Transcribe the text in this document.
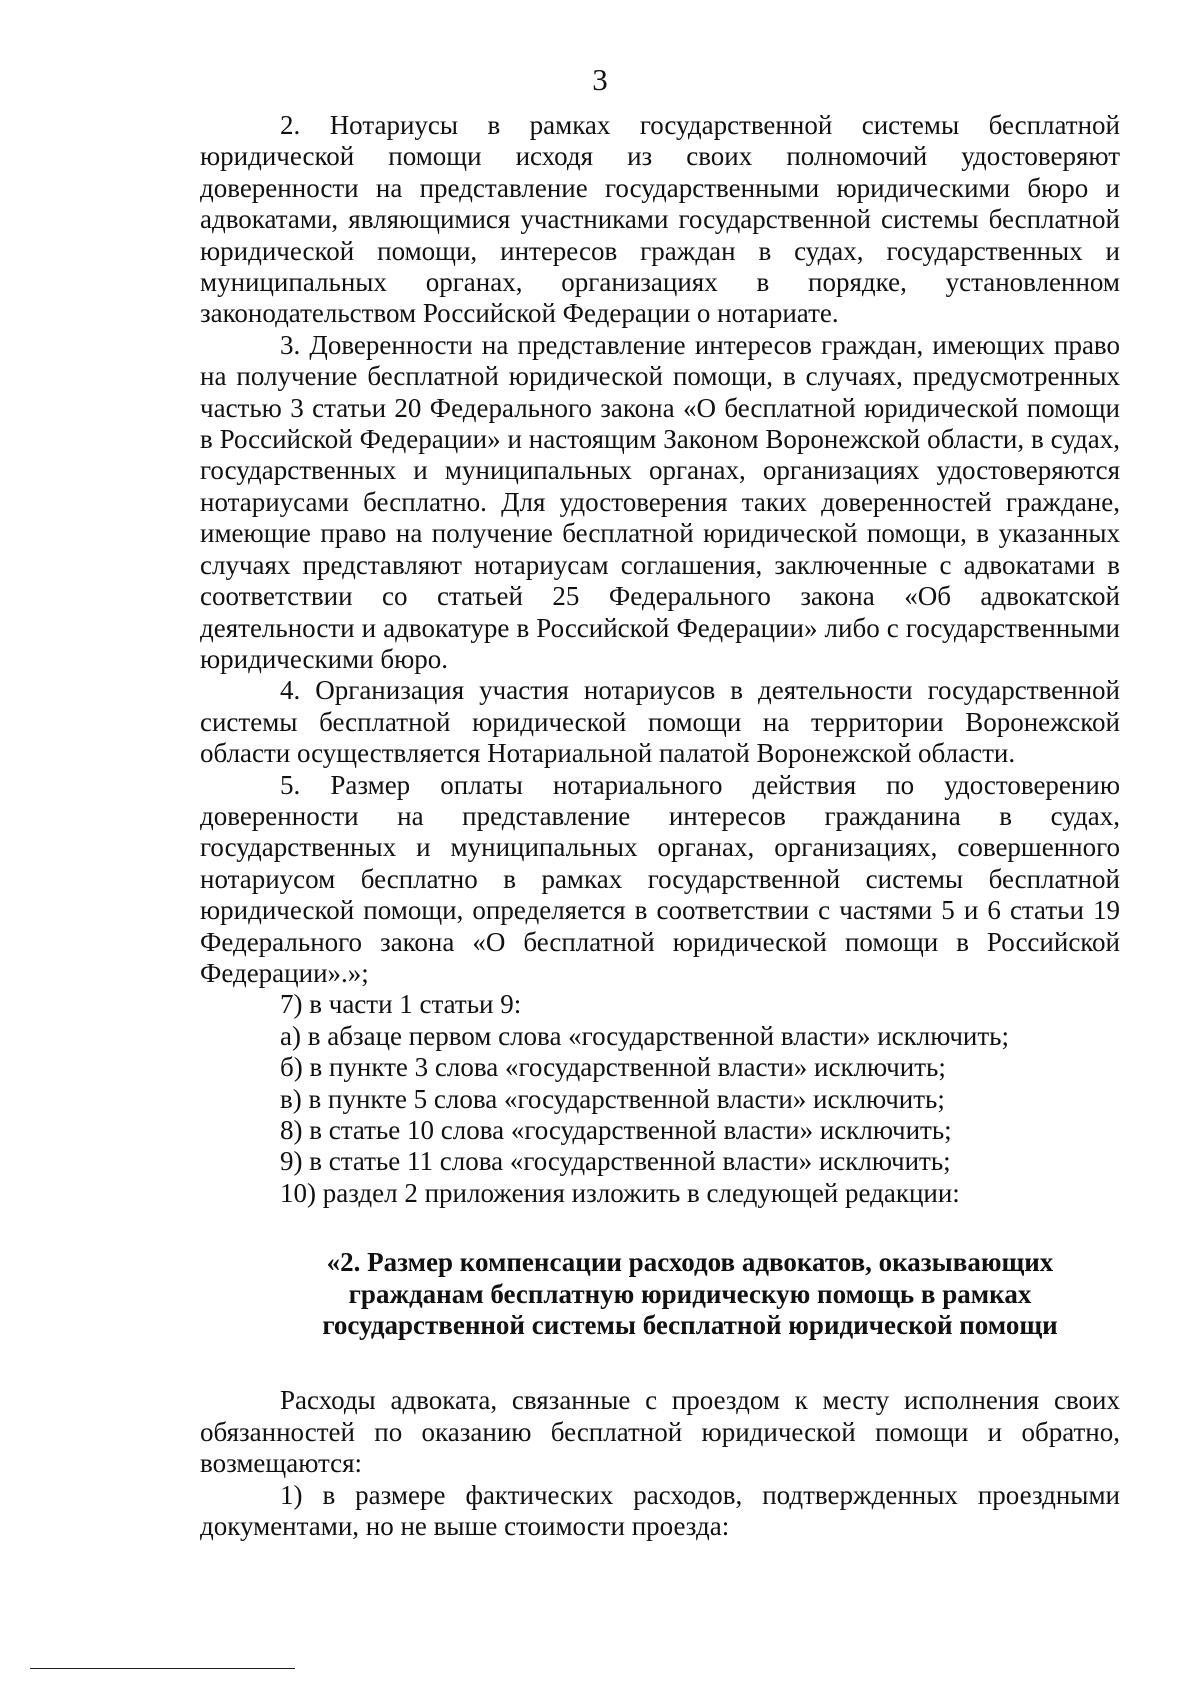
3

2. Нотариусы в рамках государственной системы бесплатной юридической помощи исходя из своих полномочий удостоверяют доверенности на представление государственными юридическими бюро и адвокатами, являющимися участниками государственной системы бесплатной юридической помощи, интересов граждан в судах, государственных и муниципальных органах, организациях в порядке, установленном законодательством Российской Федерации о нотариате.

3. Доверенности на представление интересов граждан, имеющих право на получение бесплатной юридической помощи, в случаях, предусмотренных частью 3 статьи 20 Федерального закона «О бесплатной юридической помощи в Российской Федерации» и настоящим Законом Воронежской области, в судах, государственных и муниципальных органах, организациях удостоверяются нотариусами бесплатно. Для удостоверения таких доверенностей граждане, имеющие право на получение бесплатной юридической помощи, в указанных случаях представляют нотариусам соглашения, заключенные с адвокатами в соответствии со статьей 25 Федерального закона «Об адвокатской деятельности и адвокатуре в Российской Федерации» либо с государственными юридическими бюро.

4. Организация участия нотариусов в деятельности государственной системы бесплатной юридической помощи на территории Воронежской области осуществляется Нотариальной палатой Воронежской области.

5. Размер оплаты нотариального действия по удостоверению доверенности на представление интересов гражданина в судах, государственных и муниципальных органах, организациях, совершенного нотариусом бесплатно в рамках государственной системы бесплатной юридической помощи, определяется в соответствии с частями 5 и 6 статьи 19 Федерального закона «О бесплатной юридической помощи в Российской Федерации».»;

7) в части 1 статьи 9:

а) в абзаце первом слова «государственной власти» исключить;

б) в пункте 3 слова «государственной власти» исключить;

в) в пункте 5 слова «государственной власти» исключить;

8) в статье 10 слова «государственной власти» исключить;

9) в статье 11 слова «государственной власти» исключить;

10) раздел 2 приложения изложить в следующей редакции:

«2. Размер компенсации расходов адвокатов, оказывающих
гражданам бесплатную юридическую помощь в рамках
государственной системы бесплатной юридической помощи

Расходы адвоката, связанные с проездом к месту исполнения своих обязанностей по оказанию бесплатной юридической помощи и обратно, возмещаются:

1) в размере фактических расходов, подтвержденных проездными документами, но не выше стоимости проезда:
